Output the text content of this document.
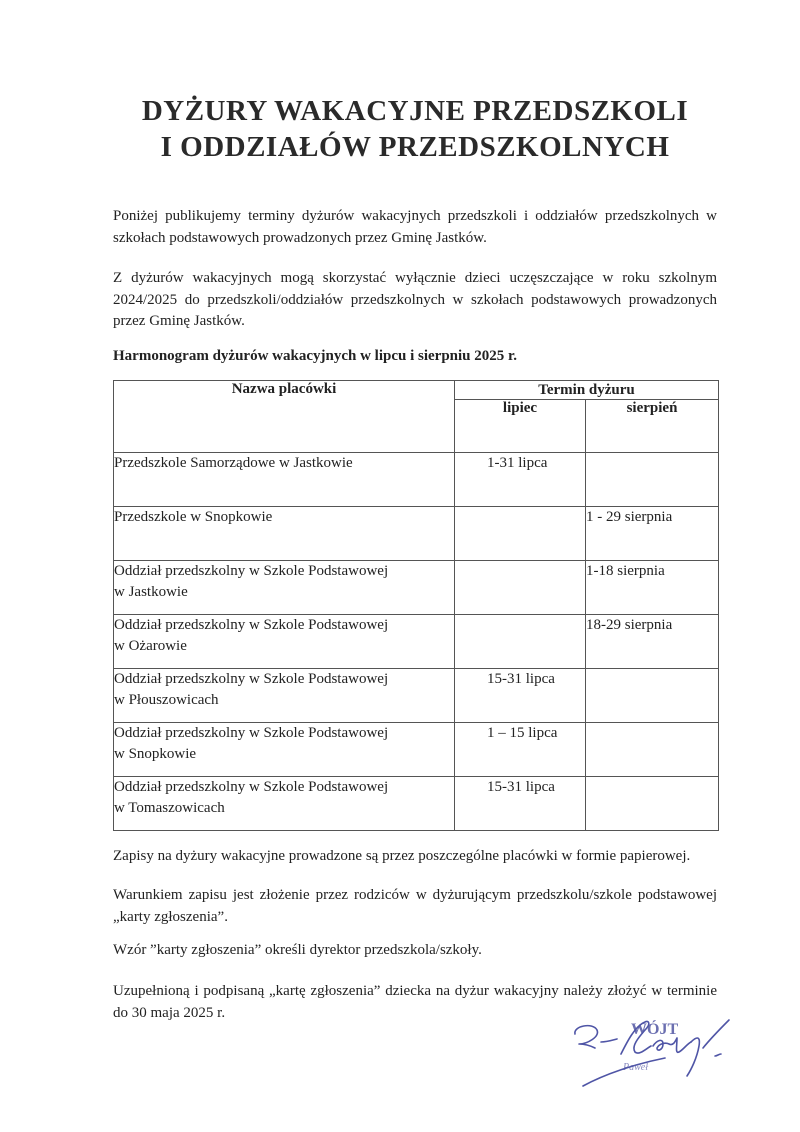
DYŻURY WAKACYJNE PRZEDSZKOLI
I ODDZIAŁÓW PRZEDSZKOLNYCH
Poniżej publikujemy terminy dyżurów wakacyjnych przedszkoli i oddziałów przedszkolnych w szkołach podstawowych prowadzonych przez Gminę Jastków.
Z dyżurów wakacyjnych mogą skorzystać wyłącznie dzieci uczęszczające w roku szkolnym 2024/2025 do przedszkoli/oddziałów przedszkolnych w szkołach podstawowych prowadzonych przez Gminę Jastków.
Harmonogram dyżurów wakacyjnych w lipcu i sierpniu 2025 r.
Nazwa placówki	Termin dyżuru	
	lipiec	sierpień

Przedszkole Samorządowe w Jastkowie	1-31 lipca	

Przedszkole w Snopkowie		1 - 29 sierpnia

Oddział przedszkolny w Szkole Podstawowej
w Jastkowie		1-18 sierpnia

Oddział przedszkolny w Szkole Podstawowej
w Ożarowie		18-29 sierpnia

Oddział przedszkolny w Szkole Podstawowej
w Płouszowicach	15-31 lipca	

Oddział przedszkolny w Szkole Podstawowej
w Snopkowie	1 – 15 lipca	

Oddział przedszkolny w Szkole Podstawowej
w Tomaszowicach	15-31 lipca	
Zapisy na dyżury wakacyjne prowadzone są przez poszczególne placówki w formie papierowej.
Warunkiem zapisu jest złożenie przez rodziców w dyżurującym przedszkolu/szkole podstawowej „karty zgłoszenia”.
Wzór ”karty zgłoszenia” określi dyrektor przedszkola/szkoły.
Uzupełnioną i podpisaną „kartę zgłoszenia” dziecka na dyżur wakacyjny należy złożyć w terminie do 30 maja 2025 r.
WÓJT
Paweł
